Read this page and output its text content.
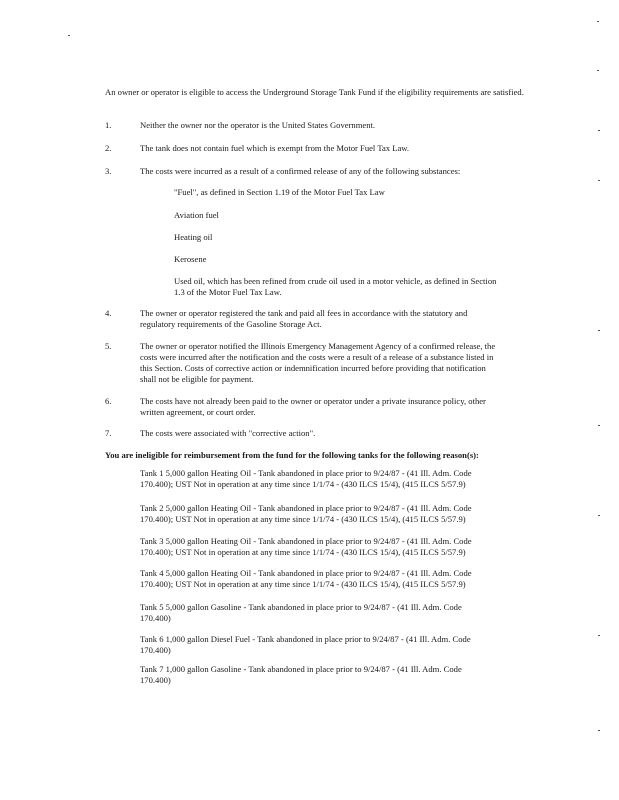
An owner or operator is eligible to access the Underground Storage Tank Fund if the eligibility requirements are satisfied.
1.	Neither the owner nor the operator is the United States Government.
2.	The tank does not contain fuel which is exempt from the Motor Fuel Tax Law.
3.	The costs were incurred as a result of a confirmed release of any of the following substances:
"Fuel", as defined in Section 1.19 of the Motor Fuel Tax Law
Aviation fuel
Heating oil
Kerosene
Used oil, which has been refined from crude oil used in a motor vehicle, as defined in Section
1.3 of the Motor Fuel Tax Law.
4.	The owner or operator registered the tank and paid all fees in accordance with the statutory and
regulatory requirements of the Gasoline Storage Act.
5.	The owner or operator notified the Illinois Emergency Management Agency of a confirmed release, the
costs were incurred after the notification and the costs were a result of a release of a substance listed in
this Section. Costs of corrective action or indemnification incurred before providing that notification
shall not be eligible for payment.
6.	The costs have not already been paid to the owner or operator under a private insurance policy, other
written agreement, or court order.
7.	The costs were associated with "corrective action".
You are ineligible for reimbursement from the fund for the following tanks for the following reason(s):
Tank 1 5,000 gallon Heating Oil - Tank abandoned in place prior to 9/24/87 - (41 Ill. Adm. Code
170.400); UST Not in operation at any time since 1/1/74 - (430 ILCS 15/4), (415 ILCS 5/57.9)
Tank 2 5,000 gallon Heating Oil - Tank abandoned in place prior to 9/24/87 - (41 Ill. Adm. Code
170.400); UST Not in operation at any time since 1/1/74 - (430 ILCS 15/4), (415 ILCS 5/57.9)
Tank 3 5,000 gallon Heating Oil - Tank abandoned in place prior to 9/24/87 - (41 Ill. Adm. Code
170.400); UST Not in operation at any time since 1/1/74 - (430 ILCS 15/4), (415 ILCS 5/57.9)
Tank 4 5,000 gallon Heating Oil - Tank abandoned in place prior to 9/24/87 - (41 Ill. Adm. Code
170.400); UST Not in operation at any time since 1/1/74 - (430 ILCS 15/4), (415 ILCS 5/57.9)
Tank 5 5,000 gallon Gasoline - Tank abandoned in place prior to 9/24/87 - (41 Ill. Adm. Code
170.400)
Tank 6 1,000 gallon Diesel Fuel - Tank abandoned in place prior to 9/24/87 - (41 Ill. Adm. Code
170.400)
Tank 7 1,000 gallon Gasoline - Tank abandoned in place prior to 9/24/87 - (41 Ill. Adm. Code
170.400)
